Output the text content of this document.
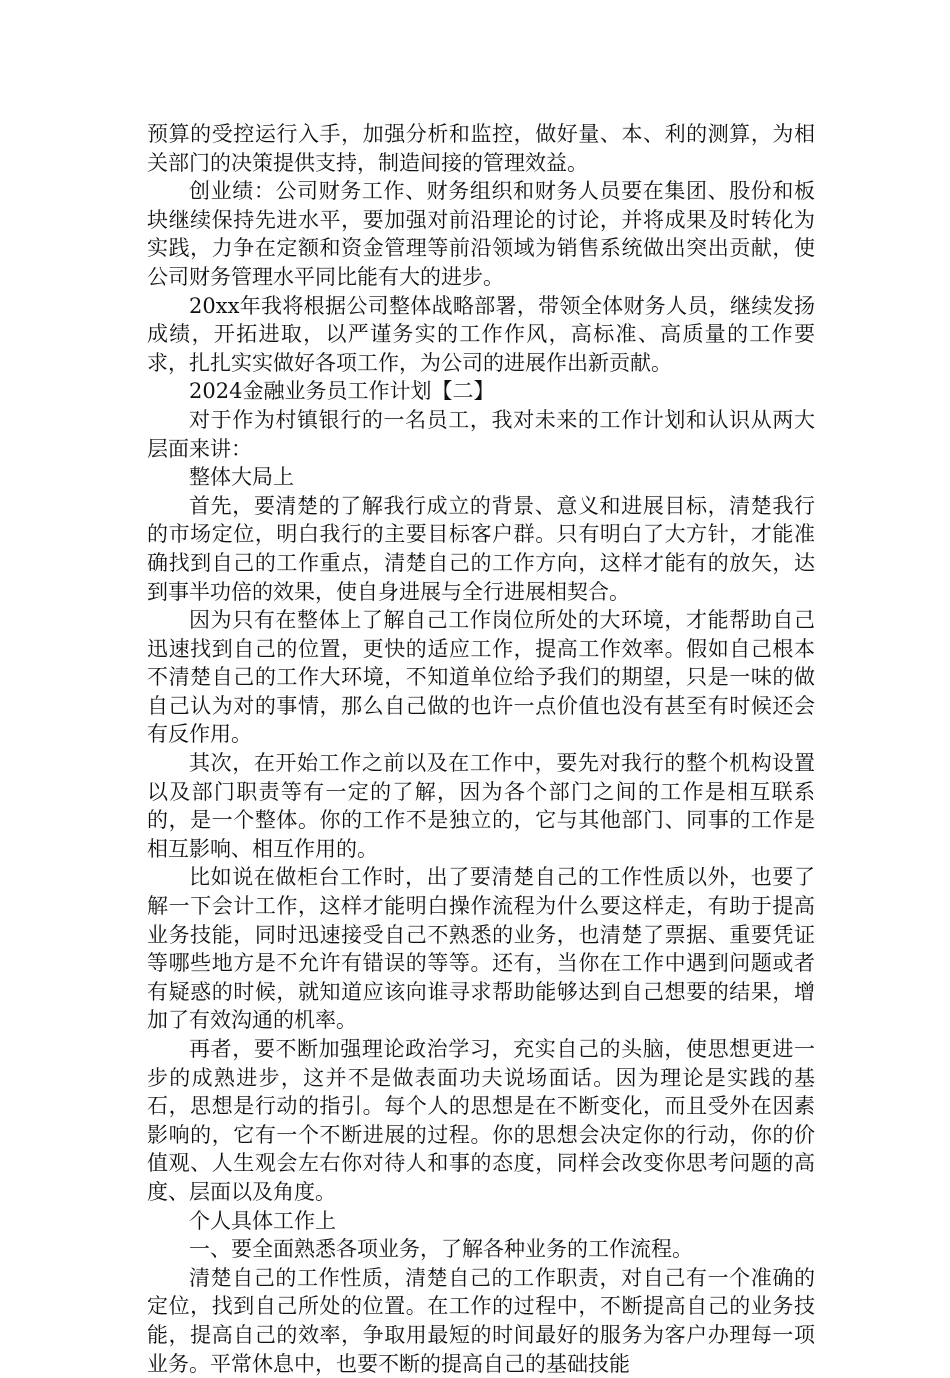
预算的受控运行入手，加强分析和监控，做好量、本、利的测算，为相关部门的决策提供支持，制造间接的管理效益。

创业绩：公司财务工作、财务组织和财务人员要在集团、股份和板块继续保持先进水平，要加强对前沿理论的讨论，并将成果及时转化为实践，力争在定额和资金管理等前沿领域为销售系统做出突出贡献，使公司财务管理水平同比能有大的进步。

20xx年我将根据公司整体战略部署，带领全体财务人员，继续发扬成绩，开拓进取，以严谨务实的工作作风，高标准、高质量的工作要求，扎扎实实做好各项工作，为公司的进展作出新贡献。

2024金融业务员工作计划【二】

对于作为村镇银行的一名员工，我对未来的工作计划和认识从两大层面来讲：

整体大局上

首先，要清楚的了解我行成立的背景、意义和进展目标，清楚我行的市场定位，明白我行的主要目标客户群。只有明白了大方针，才能准确找到自己的工作重点，清楚自己的工作方向，这样才能有的放矢，达到事半功倍的效果，使自身进展与全行进展相契合。

因为只有在整体上了解自己工作岗位所处的大环境，才能帮助自己迅速找到自己的位置，更快的适应工作，提高工作效率。假如自己根本不清楚自己的工作大环境，不知道单位给予我们的期望，只是一味的做自己认为对的事情，那么自己做的也许一点价值也没有甚至有时候还会有反作用。

其次，在开始工作之前以及在工作中，要先对我行的整个机构设置以及部门职责等有一定的了解，因为各个部门之间的工作是相互联系的，是一个整体。你的工作不是独立的，它与其他部门、同事的工作是相互影响、相互作用的。

比如说在做柜台工作时，出了要清楚自己的工作性质以外，也要了解一下会计工作，这样才能明白操作流程为什么要这样走，有助于提高业务技能，同时迅速接受自己不熟悉的业务，也清楚了票据、重要凭证等哪些地方是不允许有错误的等等。还有，当你在工作中遇到问题或者有疑惑的时候，就知道应该向谁寻求帮助能够达到自己想要的结果，增加了有效沟通的机率。

再者，要不断加强理论政治学习，充实自己的头脑，使思想更进一步的成熟进步，这并不是做表面功夫说场面话。因为理论是实践的基石，思想是行动的指引。每个人的思想是在不断变化，而且受外在因素影响的，它有一个不断进展的过程。你的思想会决定你的行动，你的价值观、人生观会左右你对待人和事的态度，同样会改变你思考问题的高度、层面以及角度。

个人具体工作上

一、要全面熟悉各项业务，了解各种业务的工作流程。

清楚自己的工作性质，清楚自己的工作职责，对自己有一个准确的定位，找到自己所处的位置。在工作的过程中，不断提高自己的业务技能，提高自己的效率，争取用最短的时间最好的服务为客户办理每一项业务。平常休息中，也要不断的提高自己的基础技能
